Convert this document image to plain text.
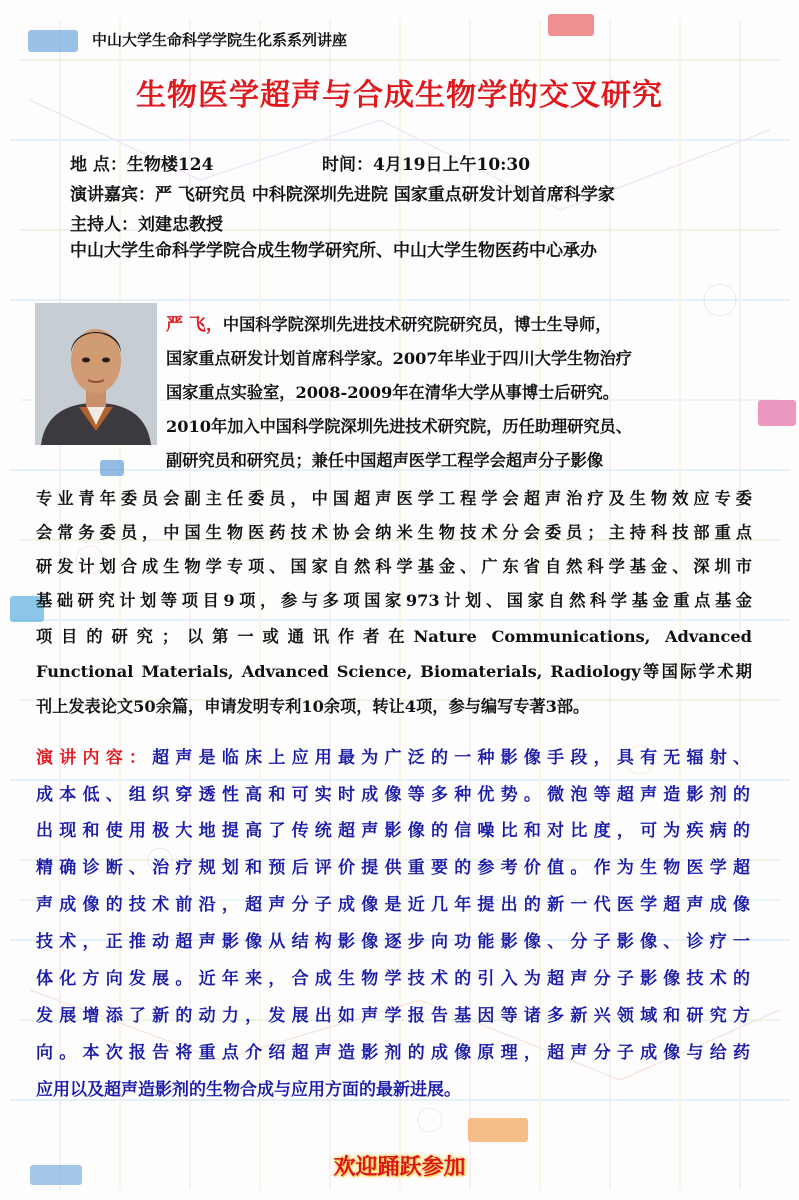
中山大学生命科学学院生化系系列讲座
生物医学超声与合成生物学的交叉研究
地 点：生物楼124	时间：4月19日上午10:30
演讲嘉宾：严 飞研究员 中科院深圳先进院 国家重点研发计划首席科学家
主持人：刘建忠教授
中山大学生命科学学院合成生物学研究所、中山大学生物医药中心承办
严 飞，中国科学院深圳先进技术研究院研究员，博士生导师，
国家重点研发计划首席科学家。2007年毕业于四川大学生物治疗
国家重点实验室，2008-2009年在清华大学从事博士后研究。
2010年加入中国科学院深圳先进技术研究院，历任助理研究员、
副研究员和研究员；兼任中国超声医学工程学会超声分子影像
专业青年委员会副主任委员，中国超声医学工程学会超声治疗及生物效应专委
会常务委员，中国生物医药技术协会纳米生物技术分会委员；主持科技部重点
研发计划合成生物学专项、国家自然科学基金、广东省自然科学基金、深圳市
基础研究计划等项目9项，参与多项国家973计划、国家自然科学基金重点基金
项目的研究；以第一或通讯作者在Nature Communications, Advanced
Functional Materials, Advanced Science, Biomaterials, Radiology等国际学术期
刊上发表论文50余篇，申请发明专利10余项，转让4项，参与编写专著3部。
演讲内容：超声是临床上应用最为广泛的一种影像手段，具有无辐射、
成本低、组织穿透性高和可实时成像等多种优势。微泡等超声造影剂的
出现和使用极大地提高了传统超声影像的信噪比和对比度，可为疾病的
精确诊断、治疗规划和预后评价提供重要的参考价值。作为生物医学超
声成像的技术前沿，超声分子成像是近几年提出的新一代医学超声成像
技术，正推动超声影像从结构影像逐步向功能影像、分子影像、诊疗一
体化方向发展。近年来，合成生物学技术的引入为超声分子影像技术的
发展增添了新的动力，发展出如声学报告基因等诸多新兴领域和研究方
向。本次报告将重点介绍超声造影剂的成像原理，超声分子成像与给药
应用以及超声造影剂的生物合成与应用方面的最新进展。
欢迎踊跃参加
